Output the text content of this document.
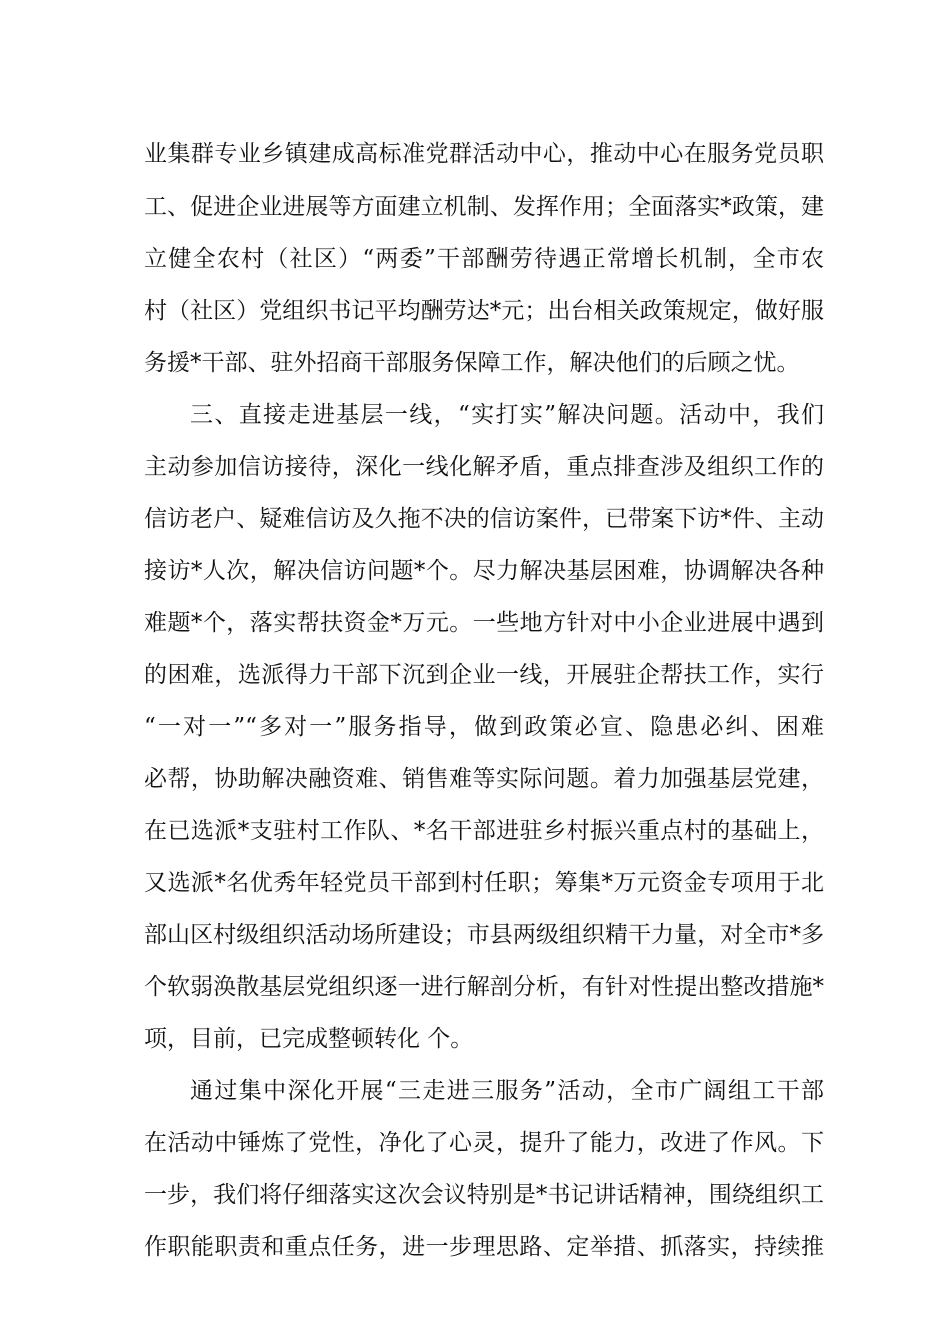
业集群专业乡镇建成高标准党群活动中心，推动中心在服务党员职
工、促进企业进展等方面建立机制、发挥作用；全面落实*政策，建
立健全农村（社区）“两委”干部酬劳待遇正常增长机制，全市农
村（社区）党组织书记平均酬劳达*元；出台相关政策规定，做好服
务援*干部、驻外招商干部服务保障工作，解决他们的后顾之忧。
三、直接走进基层一线，“实打实”解决问题。活动中，我们
主动参加信访接待，深化一线化解矛盾，重点排查涉及组织工作的
信访老户、疑难信访及久拖不决的信访案件，已带案下访*件、主动
接访*人次，解决信访问题*个。尽力解决基层困难，协调解决各种
难题*个，落实帮扶资金*万元。一些地方针对中小企业进展中遇到
的困难，选派得力干部下沉到企业一线，开展驻企帮扶工作，实行
“一对一”“多对一”服务指导，做到政策必宣、隐患必纠、困难
必帮，协助解决融资难、销售难等实际问题。着力加强基层党建，
在已选派*支驻村工作队、*名干部进驻乡村振兴重点村的基础上，
又选派*名优秀年轻党员干部到村任职；筹集*万元资金专项用于北
部山区村级组织活动场所建设；市县两级组织精干力量，对全市*多
个软弱涣散基层党组织逐一进行解剖分析，有针对性提出整改措施*
项，目前，已完成整顿转化 个。
通过集中深化开展“三走进三服务”活动，全市广阔组工干部
在活动中锤炼了党性，净化了心灵，提升了能力，改进了作风。下
一步，我们将仔细落实这次会议特别是*书记讲话精神，围绕组织工
作职能职责和重点任务，进一步理思路、定举措、抓落实，持续推
